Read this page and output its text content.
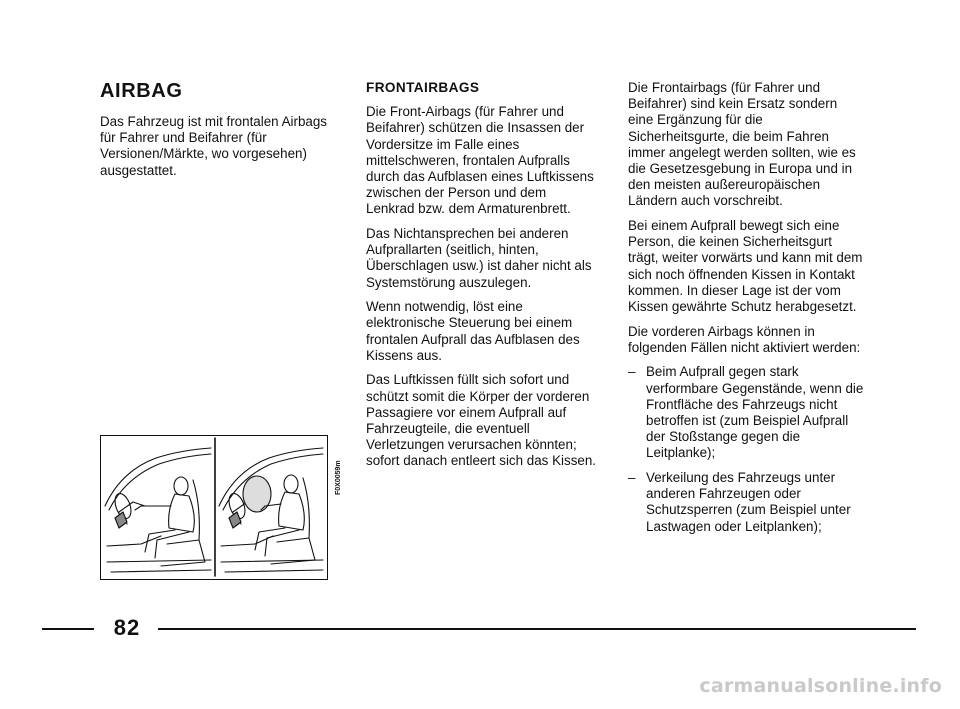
AIRBAG

Das Fahrzeug ist mit frontalen Airbags für Fahrer und Beifahrer (für Versionen/Märkte, wo vorgesehen) ausgestattet.

F0X0059m
FRONTAIRBAGS

Die Front-Airbags (für Fahrer und Beifahrer) schützen die Insassen der Vordersitze im Falle eines mittelschweren, frontalen Aufpralls durch das Aufblasen eines Luftkissens zwischen der Person und dem Lenkrad bzw. dem Armaturenbrett.

Das Nichtansprechen bei anderen Aufprallarten (seitlich, hinten, Überschlagen usw.) ist daher nicht als Systemstörung auszulegen.

Wenn notwendig, löst eine elektronische Steuerung bei einem frontalen Aufprall das Aufblasen des Kissens aus.

Das Luftkissen füllt sich sofort und schützt somit die Körper der vorderen Passagiere vor einem Aufprall auf Fahrzeugteile, die eventuell Verletzungen verursachen könnten; sofort danach entleert sich das Kissen.

Die Frontairbags (für Fahrer und Beifahrer) sind kein Ersatz sondern eine Ergänzung für die Sicherheitsgurte, die beim Fahren immer angelegt werden sollten, wie es die Gesetzesgebung in Europa und in den meisten außereuropäischen Ländern auch vorschreibt.

Bei einem Aufprall bewegt sich eine Person, die keinen Sicherheitsgurt trägt, weiter vorwärts und kann mit dem sich noch öffnenden Kissen in Kontakt kommen. In dieser Lage ist der vom Kissen gewährte Schutz herabgesetzt.

Die vorderen Airbags können in folgenden Fällen nicht aktiviert werden:

– Beim Aufprall gegen stark verformbare Gegenstände, wenn die Frontfläche des Fahrzeugs nicht betroffen ist (zum Beispiel Aufprall der Stoßstange gegen die Leitplanke);
– Verkeilung des Fahrzeugs unter anderen Fahrzeugen oder Schutzsperren (zum Beispiel unter Lastwagen oder Leitplanken);
82
carmanualsonline.info
